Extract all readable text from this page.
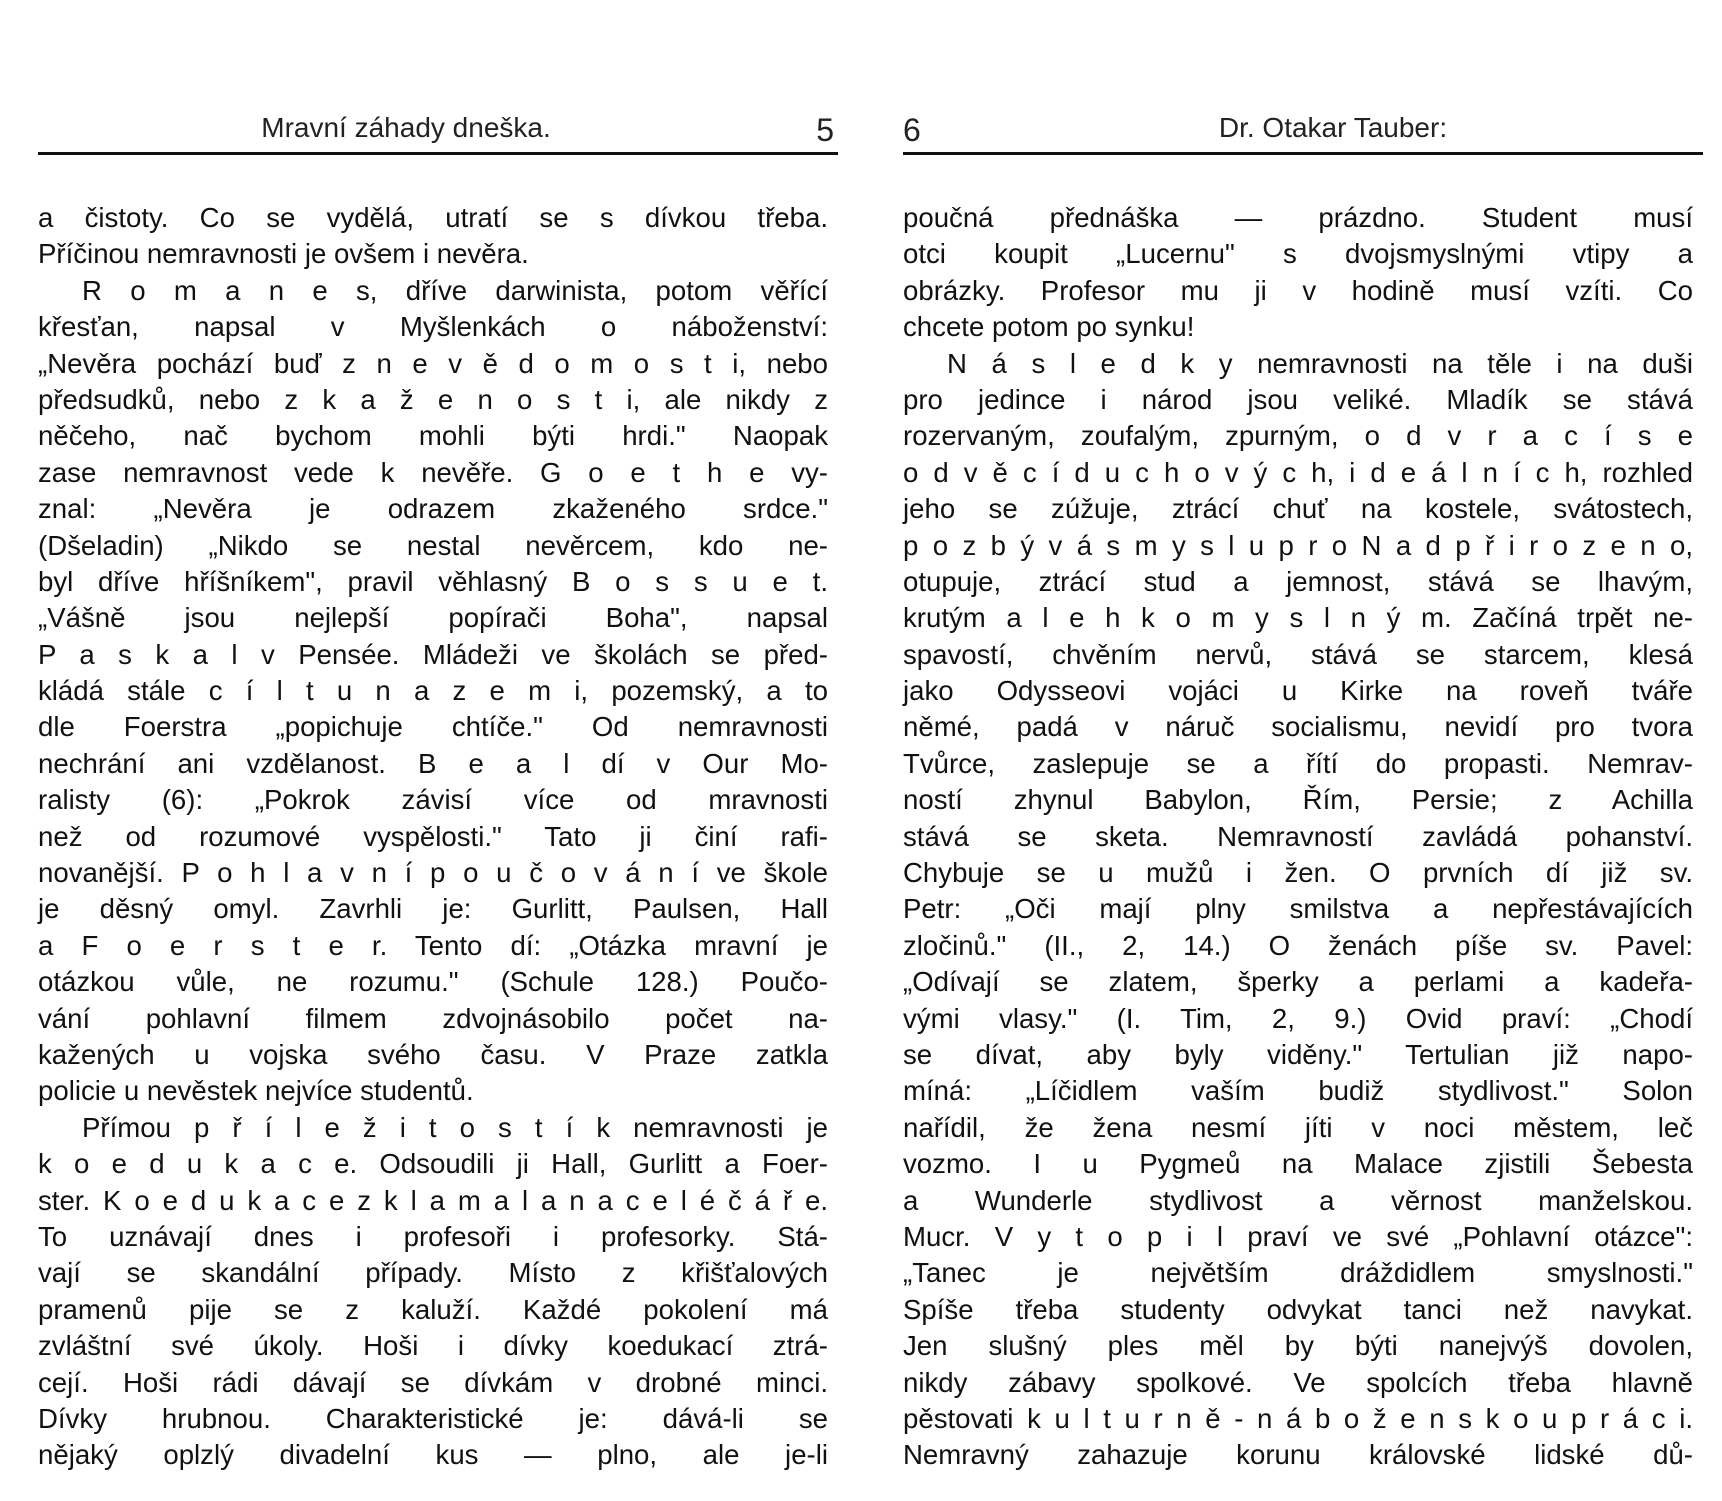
Mravní záhady dneška.	5
a čistoty. Co se vydělá, utratí se s dívkou třeba.
Příčinou nemravnosti je ovšem i nevěra.
R o m a n e s, dříve darwinista, potom věřící
křesťan, napsal v Myšlenkách o náboženství:
„Nevěra pochází buď z n e v ě d o m o s t i, nebo
předsudků, nebo z k a ž e n o s t i, ale nikdy z
něčeho, nač bychom mohli býti hrdi." Naopak
zase nemravnost vede k nevěře. G o e t h e vy-
znal: „Nevěra je odrazem zkaženého srdce."
(Dšeladin) „Nikdo se nestal nevěrcem, kdo ne-
byl dříve hříšníkem", pravil věhlasný B o s s u e t.
„Vášně jsou nejlepší popírači Boha", napsal
P a s k a l v Pensée. Mládeži ve školách se před-
kládá stále c í l t u n a z e m i, pozemský, a to
dle Foerstra „popichuje chtíče." Od nemravnosti
nechrání ani vzdělanost. B e a l dí v Our Mo-
ralisty (6): „Pokrok závisí více od mravnosti
než od rozumové vyspělosti." Tato ji činí rafi-
novanější. P o h l a v n í p o u č o v á n í ve škole
je děsný omyl. Zavrhli je: Gurlitt, Paulsen, Hall
a F o e r s t e r. Tento dí: „Otázka mravní je
otázkou vůle, ne rozumu." (Schule 128.) Poučo-
vání pohlavní filmem zdvojnásobilo počet na-
kažených u vojska svého času. V Praze zatkla
policie u nevěstek nejvíce studentů.
Přímou p ř í l e ž i t o s t í k nemravnosti je
k o e d u k a c e. Odsoudili ji Hall, Gurlitt a Foer-
ster. K o e d u k a c e z k l a m a l a n a c e l é č á ř e.
To uznávají dnes i profesoři i profesorky. Stá-
vají se skandální případy. Místo z křišťalových
pramenů pije se z kaluží. Každé pokolení má
zvláštní své úkoly. Hoši i dívky koedukací ztrá-
cejí. Hoši rádi dávají se dívkám v drobné minci.
Dívky hrubnou. Charakteristické je: dává-li se
nějaký oplzlý divadelní kus — plno, ale je-li
6	Dr. Otakar Tauber:
poučná přednáška — prázdno. Student musí
otci koupit „Lucernu" s dvojsmyslnými vtipy a
obrázky. Profesor mu ji v hodině musí vzíti. Co
chcete potom po synku!
N á s l e d k y nemravnosti na těle i na duši
pro jedince i národ jsou veliké. Mladík se stává
rozervaným, zoufalým, zpurným, o d v r a c í s e
o d v ě c í d u c h o v ý c h, i d e á l n í c h, rozhled
jeho se zúžuje, ztrácí chuť na kostele, svátostech,
p o z b ý v á s m y s l u p r o N a d p ř i r o z e n o,
otupuje, ztrácí stud a jemnost, stává se lhavým,
krutým a l e h k o m y s l n ý m. Začíná trpět ne-
spavostí, chvěním nervů, stává se starcem, klesá
jako Odysseovi vojáci u Kirke na roveň tváře
němé, padá v náruč socialismu, nevidí pro tvora
Tvůrce, zaslepuje se a řítí do propasti. Nemrav-
ností zhynul Babylon, Řím, Persie; z Achilla
stává se sketa. Nemravností zavládá pohanství.
Chybuje se u mužů i žen. O prvních dí již sv.
Petr: „Oči mají plny smilstva a nepřestávajících
zločinů." (II., 2, 14.) O ženách píše sv. Pavel:
„Odívají se zlatem, šperky a perlami a kadeřa-
vými vlasy." (I. Tim, 2, 9.) Ovid praví: „Chodí
se dívat, aby byly viděny." Tertulian již napo-
míná: „Líčidlem vaším budiž stydlivost." Solon
nařídil, že žena nesmí jíti v noci městem, leč
vozmo. I u Pygmeů na Malace zjistili Šebesta
a Wunderle stydlivost a věrnost manželskou.
Mucr. V y t o p i l praví ve své „Pohlavní otázce":
„Tanec je největším dráždidlem smyslnosti."
Spíše třeba studenty odvykat tanci než navykat.
Jen slušný ples měl by býti nanejvýš dovolen,
nikdy zábavy spolkové. Ve spolcích třeba hlavně
pěstovati k u l t u r n ě - n á b o ž e n s k o u p r á c i.
Nemravný zahazuje korunu královské lidské dů-
